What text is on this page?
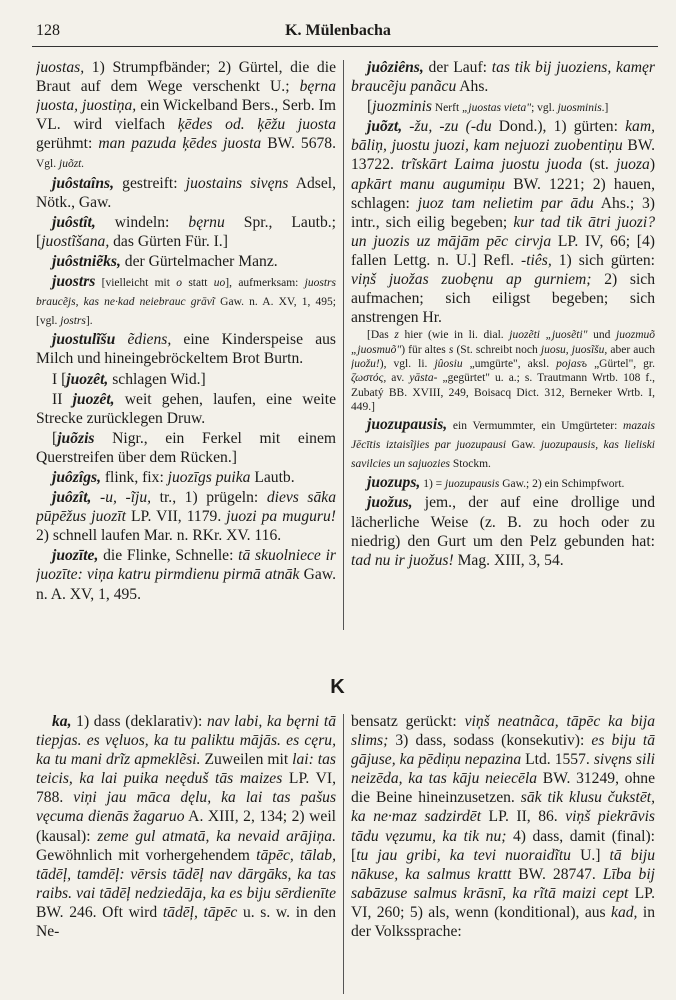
128	K. Mülenbacha

juostas, 1) Strumpfbänder; 2) Gürtel, die die Braut auf dem Wege verschenkt U.; bęrna juosta, juostiņa, ein Wickelband Bers., Serb. Im VL. wird vielfach ķēdes od. ķēžu juosta gerühmt: man pazuda ķēdes juosta BW. 5678. Vgl. juõzt.

juôstaîns, gestreift: juostains sivęns Adsel, Nötk., Gaw.

juôstît, windeln: bęrnu Spr., Lautb.; [juostĩšana, das Gürten Für. I.]

juôstniẽks, der Gürtelmacher Manz.

juostrs [vielleicht mit o statt uo], aufmerksam: juostrs braucẽjs, kas ne·kad neiebrauc grāvĩ Gaw. n. A. XV, 1, 495; [vgl. jostrs].

juostulĩšu ẽdiens, eine Kinderspeise aus Milch und hineingebröckeltem Brot Burtn.

I [juozêt, schlagen Wid.]

II juozêt, weit gehen, laufen, eine weite Strecke zurücklegen Druw.

[juõzis Nigr., ein Ferkel mit einem Querstreifen über dem Rücken.]

juôzîgs, flink, fix: juozīgs puika Lautb.

juôzît, -u, -ĩju, tr., 1) prügeln: dievs sāka pūpēžus juozīt LP. VII, 1179. juozi pa muguru! 2) schnell laufen Mar. n. RKr. XV. 116.

juozīte, die Flinke, Schnelle: tā skuolniece ir juozīte: viņa katru pirmdienu pirmā atnāk Gaw. n. A. XV, 1, 495.

juôziêns, der Lauf: tas tik bij juoziens, kamęr braucẽju panãcu Ahs.

[juozminis Nerft „juostas vieta"; vgl. juosminis.]

juõzt, -žu, -zu (-du Dond.), 1) gürten: kam, bāliņ, juostu juozi, kam nejuozi zuobentiņu BW. 13722. trĩskārt Laima juostu juoda (st. juoza) apkārt manu augumiņu BW. 1221; 2) hauen, schlagen: juoz tam nelietim par ādu Ahs.; 3) intr., sich eilig begeben; kur tad tik ātri juozi? un juozis uz mājām pēc cirvja LP. IV, 66; [4) fallen Lettg. n. U.] Refl. -tiês, 1) sich gürten: viņš juožas zuobęnu ap gurniem; 2) sich aufmachen; sich eiligst begeben; sich anstrengen Hr.

[Das z hier (wie in li. dial. juozẽti „juosẽti" und juozmuõ „juosmuõ") für altes s (St. schreibt noch juosu, juosĩšu, aber auch juožu!), vgl. li. jûosiu „umgürte", aksl. pojasъ „Gürtel", gr. ζωστός, av. yāsta- „gegürtet" u. a.; s. Trautmann Wrtb. 108 f., Zubatý BB. XVIII, 249, Boisacq Dict. 312, Berneker Wrtb. I, 449.]

juozupausis, ein Vermummter, ein Umgürteter: mazais Jēcītis iztaisĩjies par juozupausi Gaw. juozupausis, kas lieliski savilcies un sajuozies Stockm.

juozups, 1) = juozupausis Gaw.; 2) ein Schimpfwort.

juožus, jem., der auf eine drollige und lächerliche Weise (z. B. zu hoch oder zu niedrig) den Gurt um den Pelz gebunden hat: tad nu ir juožus! Mag. XIII, 3, 54.

K

ka, 1) dass (deklarativ): nav labi, ka bęrni tā tiepjas. es vęluos, ka tu paliktu mājās. es cęru, ka tu mani drĩz apmeklẽsi. Zuweilen mit lai: tas teicis, ka lai puika neęduš tās maizes LP. VI, 788. viņi jau māca dęlu, ka lai tas pašus vęcuma dienās žagaruo A. XIII, 2, 134; 2) weil (kausal): zeme gul atmatā, ka nevaid arājiņa. Gewöhnlich mit vorhergehendem tāpēc, tālab, tādēļ, tamdēļ: vērsis tādēļ nav dārgāks, ka tas raibs. vai tādēļ nedziedāja, ka es biju sērdienīte BW. 246. Oft wird tādēļ, tāpēc u. s. w. in den Ne-

bensatz gerückt: viņš neatnãca, tāpēc ka bija slims; 3) dass, sodass (konsekutiv): es biju tā gājuse, ka pēdiņu nepazina Ltd. 1557. sivęns sili neizēda, ka tas kāju neiecēla BW. 31249, ohne die Beine hineinzusetzen. sāk tik klusu čukstēt, ka ne·maz sadzirdēt LP. II, 86. viņš piekrāvis tādu vęzumu, ka tik nu; 4) dass, damit (final): [tu jau gribi, ka tevi nuoraidĩtu U.] tā biju nākuse, ka salmus krattt BW. 28747. Lība bij sabāzuse salmus krāsnī, ka rĩtā maizi cept LP. VI, 260; 5) als, wenn (konditional), aus kad, in der Volkssprache:
